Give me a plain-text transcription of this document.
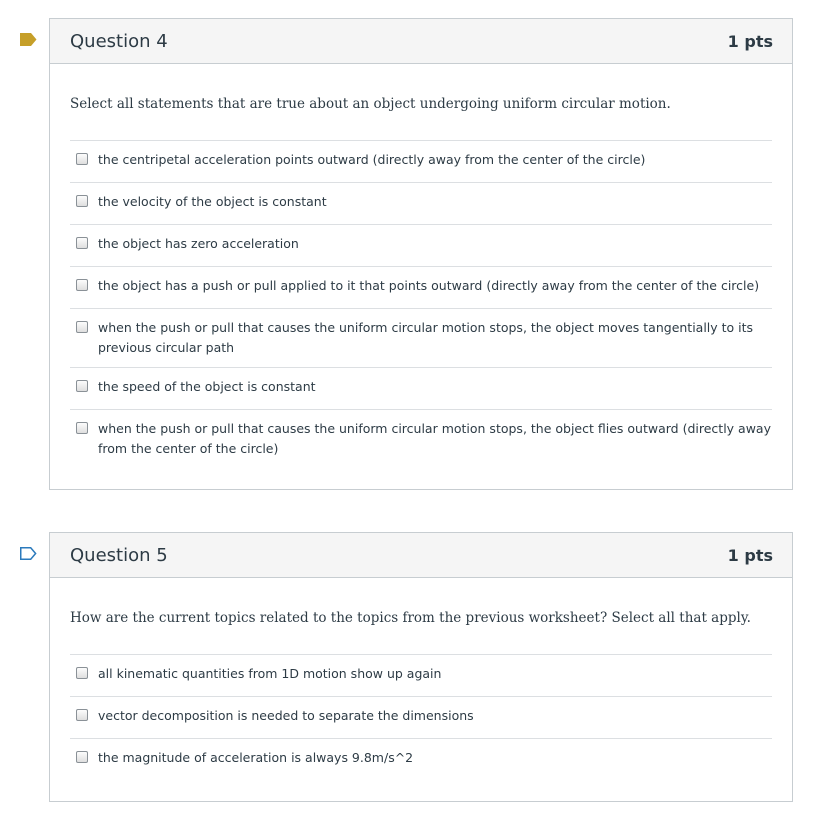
Question 4	1 pts
Select all statements that are true about an object undergoing uniform circular motion.
the centripetal acceleration points outward (directly away from the center of the circle)
the velocity of the object is constant
the object has zero acceleration
the object has a push or pull applied to it that points outward (directly away from the center of the circle)
when the push or pull that causes the uniform circular motion stops, the object moves tangentially to its previous circular path
the speed of the object is constant
when the push or pull that causes the uniform circular motion stops, the object flies outward (directly away from the center of the circle)
Question 5	1 pts
How are the current topics related to the topics from the previous worksheet? Select all that apply.
all kinematic quantities from 1D motion show up again
vector decomposition is needed to separate the dimensions
the magnitude of acceleration is always 9.8m/s^2
